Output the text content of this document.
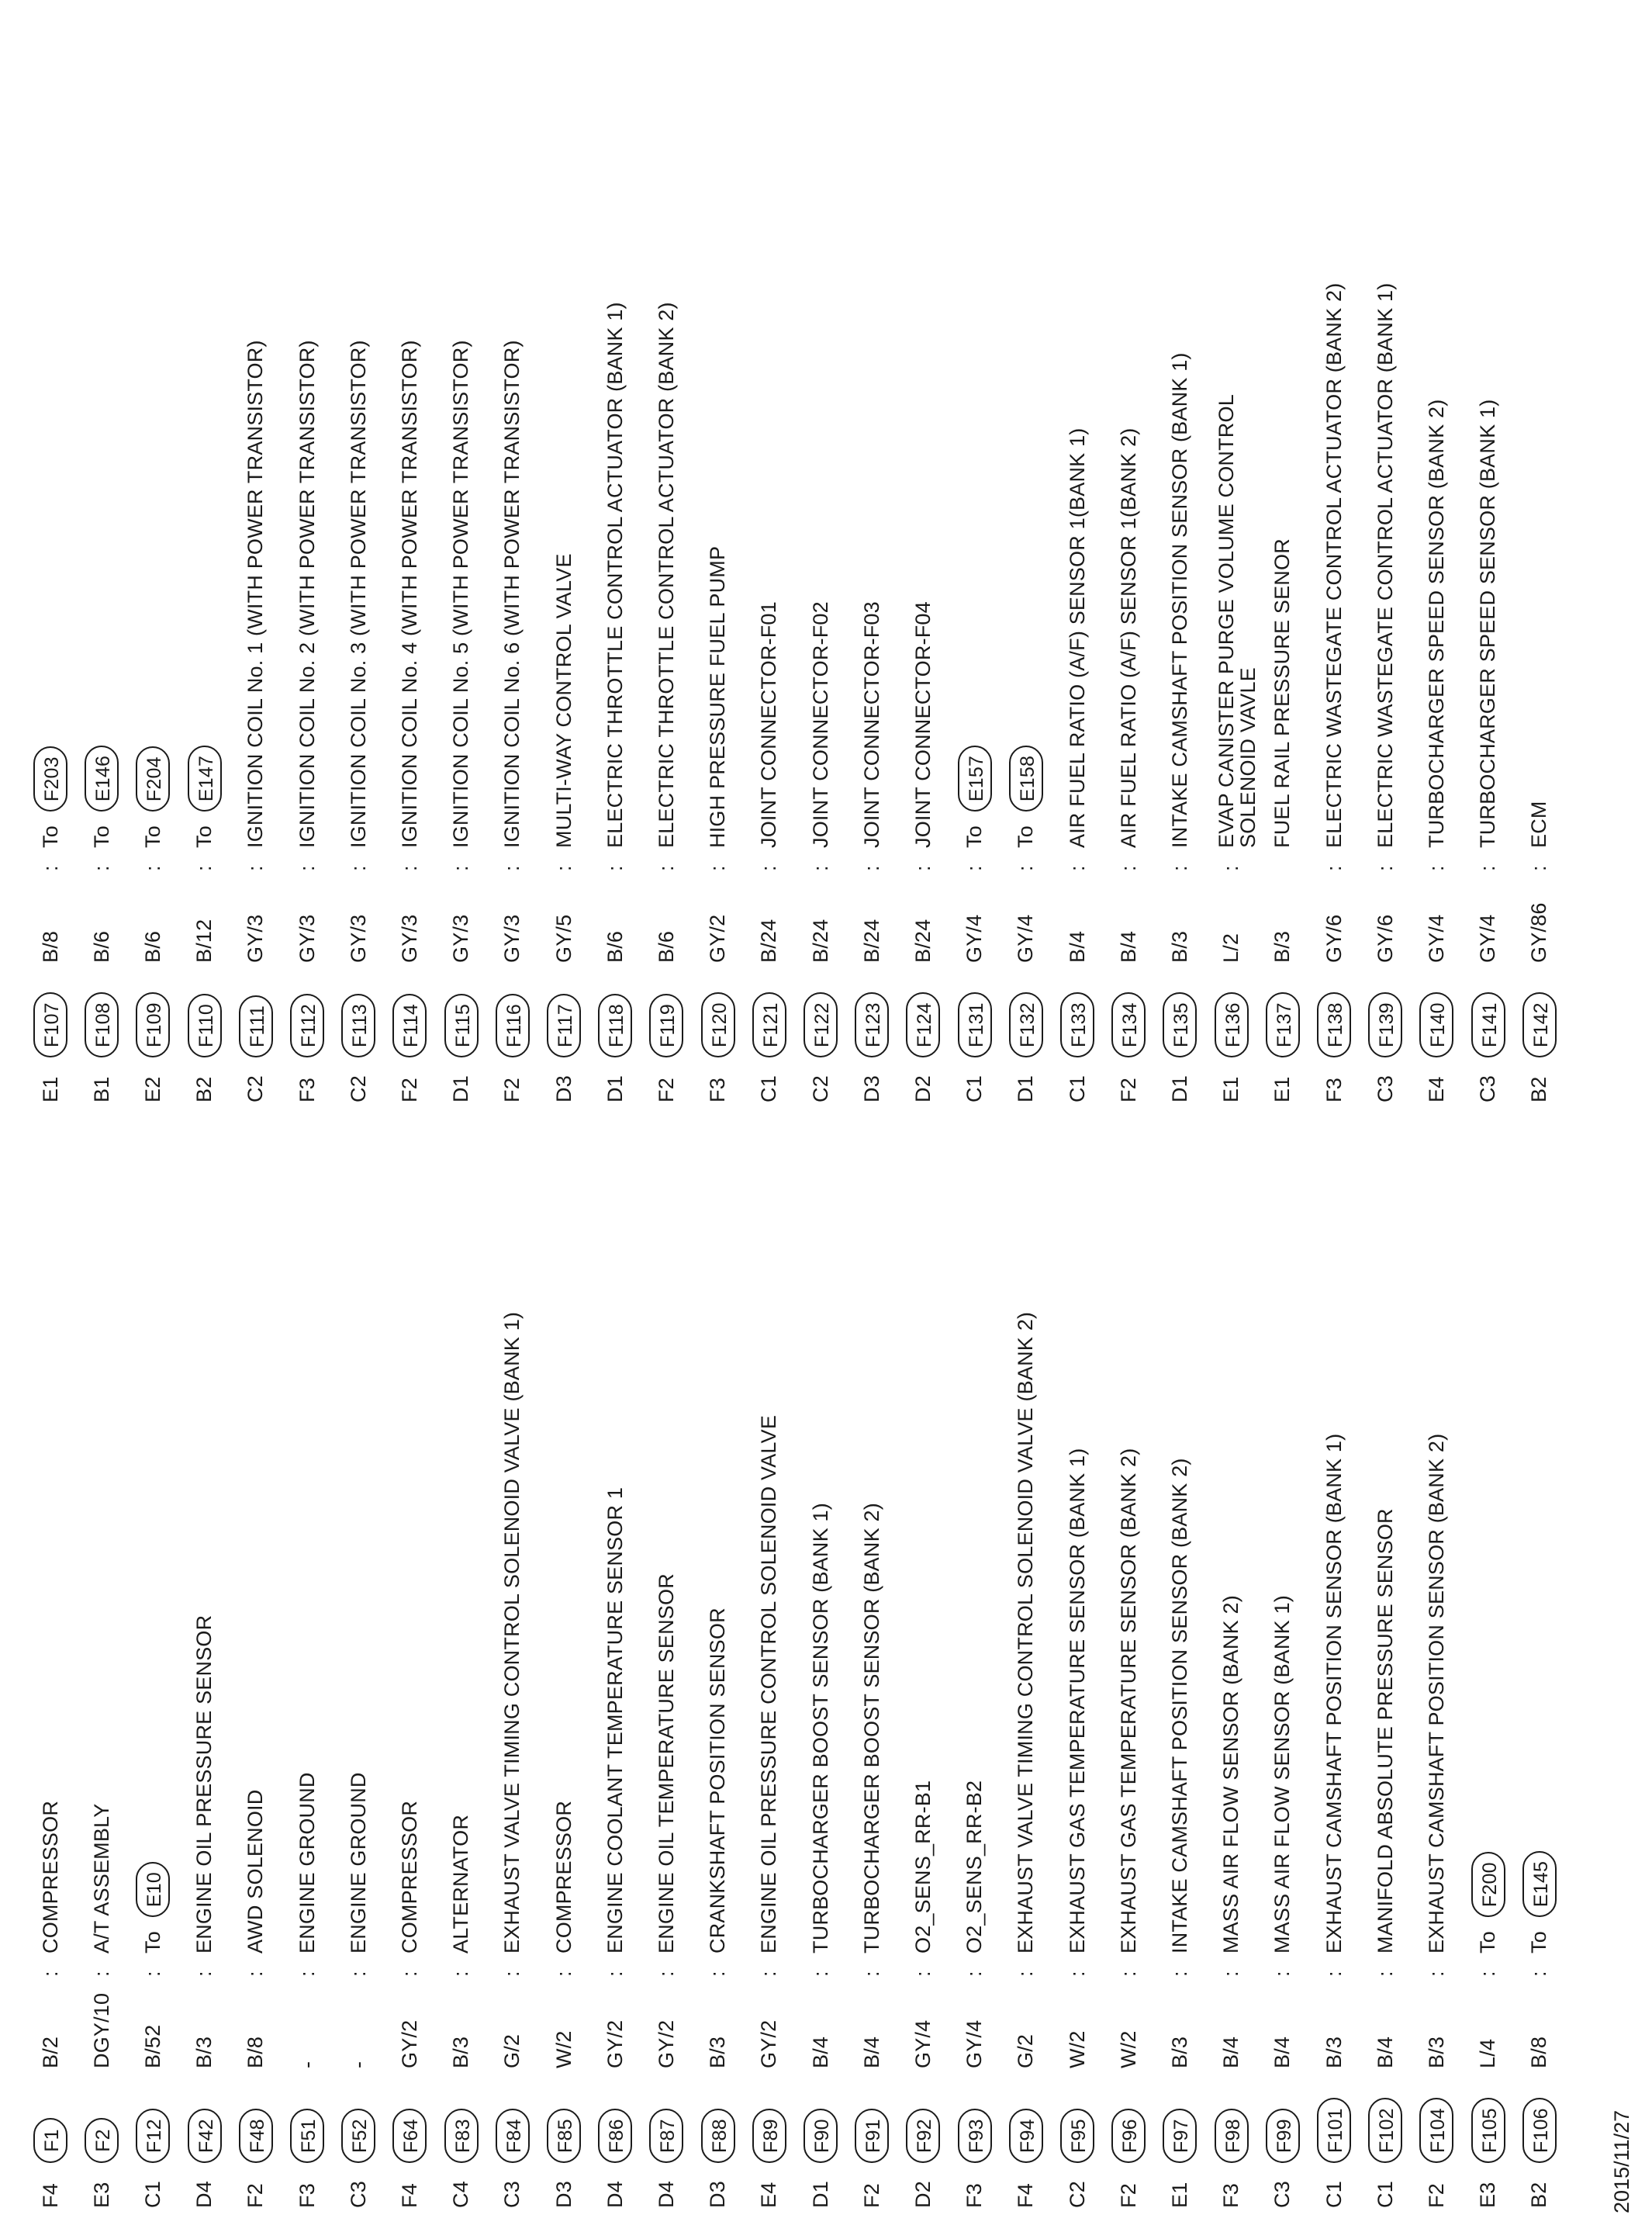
F4
F1
B/2
:
COMPRESSOR
E3
F2
DGY/10
:
A/T ASSEMBLY
C1
F12
B/52
:
To
E10
D4
F42
B/3
:
ENGINE OIL PRESSURE SENSOR
F2
F48
B/8
:
AWD SOLENOID
F3
F51
-
:
ENGINE GROUND
C3
F52
-
:
ENGINE GROUND
F4
F64
GY/2
:
COMPRESSOR
C4
F83
B/3
:
ALTERNATOR
C3
F84
G/2
:
EXHAUST VALVE TIMING CONTROL SOLENOID VALVE (BANK 1)
D3
F85
W/2
:
COMPRESSOR
D4
F86
GY/2
:
ENGINE COOLANT TEMPERATURE SENSOR 1
D4
F87
GY/2
:
ENGINE OIL TEMPERATURE SENSOR
D3
F88
B/3
:
CRANKSHAFT POSITION SENSOR
E4
F89
GY/2
:
ENGINE OIL PRESSURE CONTROL SOLENOID VALVE
D1
F90
B/4
:
TURBOCHARGER BOOST SENSOR (BANK 1)
F2
F91
B/4
:
TURBOCHARGER BOOST SENSOR (BANK 2)
D2
F92
GY/4
:
O2_SENS_RR-B1
F3
F93
GY/4
:
O2_SENS_RR-B2
F4
F94
G/2
:
EXHAUST VALVE TIMING CONTROL SOLENOID VALVE (BANK 2)
C2
F95
W/2
:
EXHAUST GAS TEMPERATURE SENSOR (BANK 1)
F2
F96
W/2
:
EXHAUST GAS TEMPERATURE SENSOR (BANK 2)
E1
F97
B/3
:
INTAKE CAMSHAFT POSITION SENSOR (BANK 2)
F3
F98
B/4
:
MASS AIR FLOW SENSOR (BANK 2)
C3
F99
B/4
:
MASS AIR FLOW SENSOR (BANK 1)
C1
F101
B/3
:
EXHAUST CAMSHAFT POSITION SENSOR (BANK 1)
C1
F102
B/4
:
MANIFOLD ABSOLUTE PRESSURE SENSOR
F2
F104
B/3
:
EXHAUST CAMSHAFT POSITION SENSOR (BANK 2)
E3
F105
L/4
:
To
F200
B2
F106
B/8
:
To
E145
E1
F107
B/8
:
To
F203
B1
F108
B/6
:
To
E146
E2
F109
B/6
:
To
F204
B2
F110
B/12
:
To
E147
C2
F111
GY/3
:
IGNITION COIL No. 1 (WITH POWER TRANSISTOR)
F3
F112
GY/3
:
IGNITION COIL No. 2 (WITH POWER TRANSISTOR)
C2
F113
GY/3
:
IGNITION COIL No. 3 (WITH POWER TRANSISTOR)
F2
F114
GY/3
:
IGNITION COIL No. 4 (WITH POWER TRANSISTOR)
D1
F115
GY/3
:
IGNITION COIL No. 5 (WITH POWER TRANSISTOR)
F2
F116
GY/3
:
IGNITION COIL No. 6 (WITH POWER TRANSISTOR)
D3
F117
GY/5
:
MULTI-WAY CONTROL VALVE
D1
F118
B/6
:
ELECTRIC THROTTLE CONTROL ACTUATOR (BANK 1)
F2
F119
B/6
:
ELECTRIC THROTTLE CONTROL ACTUATOR (BANK 2)
F3
F120
GY/2
:
HIGH PRESSURE FUEL PUMP
C1
F121
B/24
:
JOINT CONNECTOR-F01
C2
F122
B/24
:
JOINT CONNECTOR-F02
D3
F123
B/24
:
JOINT CONNECTOR-F03
D2
F124
B/24
:
JOINT CONNECTOR-F04
C1
F131
GY/4
:
To
E157
D1
F132
GY/4
:
To
E158
C1
F133
B/4
:
AIR FUEL RATIO (A/F) SENSOR 1(BANK 1)
F2
F134
B/4
:
AIR FUEL RATIO (A/F) SENSOR 1(BANK 2)
D1
F135
B/3
:
INTAKE CAMSHAFT POSITION SENSOR (BANK 1)
E1
F136
L/2
:
EVAP CANISTER PURGE VOLUME CONTROL
SOLENOID VAVLE
E1
F137
B/3
FUEL RAIL PRESSURE SENOR
F3
F138
GY/6
:
ELECTRIC WASTEGATE CONTROL ACTUATOR (BANK 2)
C3
F139
GY/6
:
ELECTRIC WASTEGATE CONTROL ACTUATOR (BANK 1)
E4
F140
GY/4
:
TURBOCHARGER SPEED SENSOR (BANK 2)
C3
F141
GY/4
:
TURBOCHARGER SPEED SENSOR (BANK 1)
B2
F142
GY/86
:
ECM
2015/11/27
